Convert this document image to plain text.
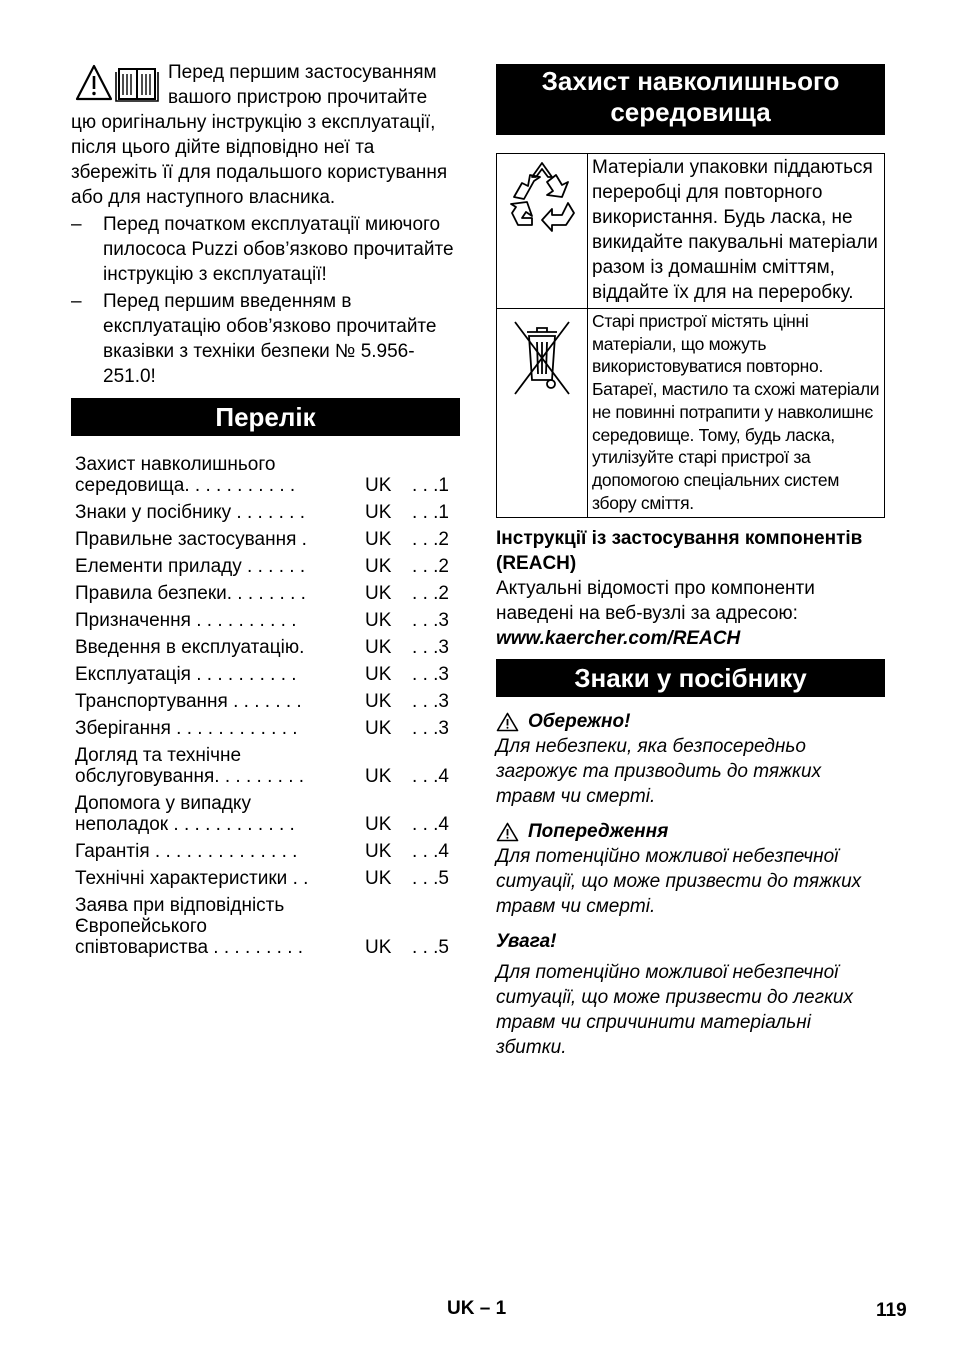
Перед першим застосуванням вашого пристрою прочитайте

цю оригінальну інструкцію з експлуатації, після цього дійте відповідно неї та збережіть її для подальшого користування або для наступного власника.

– Перед початком експлуатації миючого пилососа Puzzi обов’язково прочитайте інструкцію з експлуатації!
– Перед першим введенням в експлуатацію обов’язково прочитайте вказівки з техніки безпеки № 5.956-251.0!
Перелік
Захист навколишнього
середовища. . . . . . . . . . .	UK	. . .1
Знаки у посібнику . . . . . . .	UK	. . .1
Правильне застосування .	UK	. . .2
Елементи приладу . . . . . .	UK	. . .2
Правила безпеки. . . . . . . .	UK	. . .2
Призначення . . . . . . . . . .	UK	. . .3
Введення в експлуатацію.	UK	. . .3
Експлуатація . . . . . . . . . .	UK	. . .3
Транспортування . . . . . . .	UK	. . .3
Зберігання . . . . . . . . . . . .	UK	. . .3
Догляд та технічне
обслуговування. . . . . . . . .	UK	. . .4
Допомога у випадку
неполадок . . . . . . . . . . . .	UK	. . .4
Гарантія . . . . . . . . . . . . . .	UK	. . .4
Технічні характеристики . .	UK	. . .5
Заява при відповідність
Європейського
співтовариства . . . . . . . . .	UK	. . .5
Захист навколишнього середовища
	Матеріали упаковки піддаються переробці для повторного використання. Будь ласка, не викидайте пакувальні матеріали разом із домашнім сміттям, віддайте їх для на переробку.
	Старі пристрої містять цінні матеріали, що можуть використовуватися повторно. Батареї, мастило та схожі матеріали не повинні потрапити у навколишнє середовище. Тому, будь ласка, утилізуйте старі пристрої за допомогою спеціальних систем збору сміття.
Інструкції із застосування компонентів (REACH)
Актуальні відомості про компоненти наведені на веб-вузлі за адресою:
www.kaercher.com/REACH
Знаки у посібнику
Обережно!
Для небезпеки, яка безпосередньо загрожує та призводить до тяжких травм чи смерті.
Попередження
Для потенційно можливої небезпечної ситуації, що може призвести до тяжких травм чи смерті.
Увага!
Для потенційно можливої небезпечної ситуації, що може призвести до легких травм чи спричинити матеріальні збитки.
UK – 1	119
